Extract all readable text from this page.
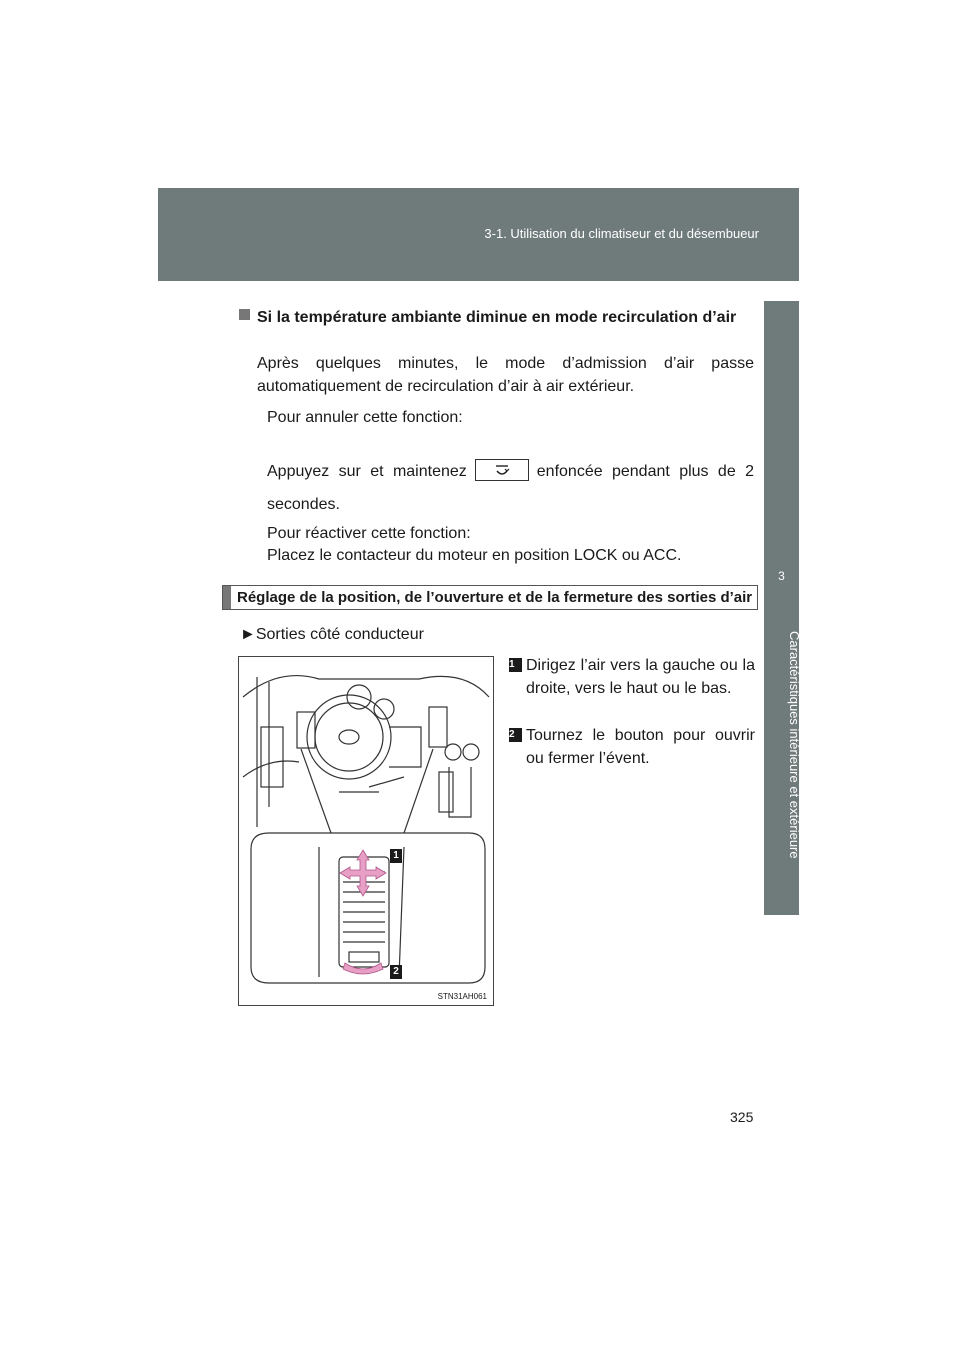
3-1. Utilisation du climatiseur et du désembueur
3
Caractéristiques intérieure et extérieure
Si la température ambiante diminue en mode recirculation d’air
Après quelques minutes, le mode d’admission d’air passe automatiquement de recirculation d’air à air extérieur.
Pour annuler cette fonction:
Appuyez sur et maintenez	enfoncée pendant plus de 2 secondes.
Pour réactiver cette fonction:
Placez le contacteur du moteur en position LOCK ou ACC.
Réglage de la position, de l’ouverture et de la fermeture des sorties d’air
►Sorties côté conducteur
1
2
STN31AH061
1 Dirigez l’air vers la gauche ou la droite, vers le haut ou le bas.
2 Tournez le bouton pour ouvrir ou fermer l’évent.
325
